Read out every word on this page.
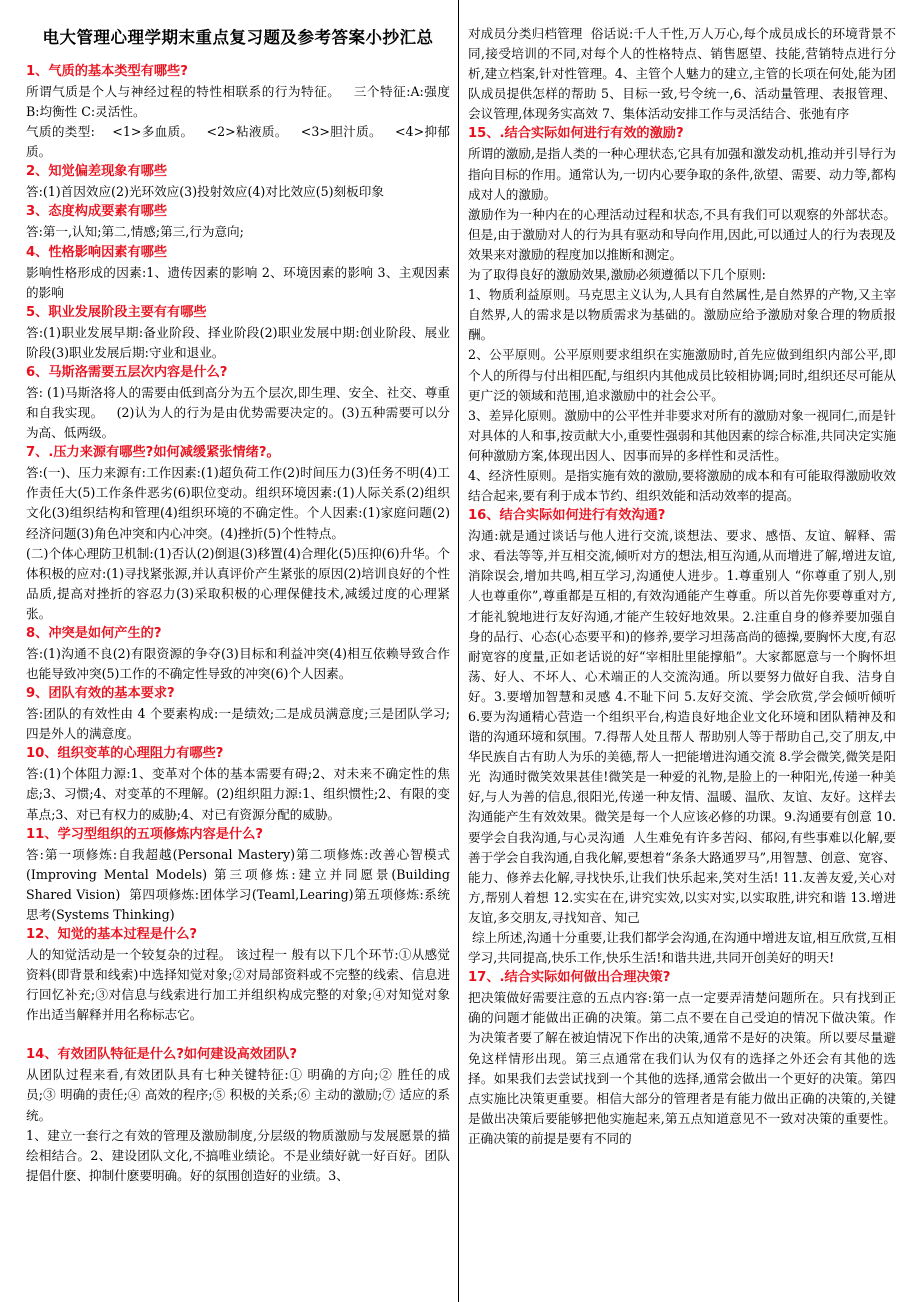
电大管理心理学期末重点复习题及参考答案小抄汇总
1、气质的基本类型有哪些?
所谓气质是个人与神经过程的特性相联系的行为特征。   三个特征:A:强度 B:均衡性 C:灵活性。
气质的类型:    <1>多血质。   <2>粘液质。   <3>胆汁质。   <4>抑郁质。
2、知觉偏差现象有哪些
答:(1)首因效应(2)光环效应(3)投射效应(4)对比效应(5)刻板印象
3、态度构成要素有哪些
答:第一,认知;第二,情感;第三,行为意向;
4、性格影响因素有哪些
影响性格形成的因素:1、遗传因素的影响 2、环境因素的影响 3、主观因素的影响
5、职业发展阶段主要有有哪些
答:(1)职业发展早期:备业阶段、择业阶段(2)职业发展中期:创业阶段、展业阶段(3)职业发展后期:守业和退业。
6、马斯洛需要五层次内容是什么?
答: (1)马斯洛将人的需要由低到高分为五个层次,即生理、安全、社交、尊重和自我实现。   (2)认为人的行为是由优势需要决定的。(3)五种需要可以分为高、低两级。
7、.压力来源有哪些?如何减缓紧张情绪?。
答:(一)、压力来源有:工作因素:(1)超负荷工作(2)时间压力(3)任务不明(4)工作责任大(5)工作条件恶劣(6)职位变动。组织环境因素:(1)人际关系(2)组织文化(3)组织结构和管理(4)组织环境的不确定性。个人因素:(1)家庭问题(2)经济问题(3)角色冲突和内心冲突。(4)挫折(5)个性特点。
(二)个体心理防卫机制:(1)否认(2)倒退(3)移置(4)合理化(5)压抑(6)升华。个体积极的应对:(1)寻找紧张源,并认真评价产生紧张的原因(2)培训良好的个性品质,提高对挫折的容忍力(3)采取积极的心理保健技术,减缓过度的心理紧张。
8、冲突是如何产生的?
答:(1)沟通不良(2)有限资源的争夺(3)目标和利益冲突(4)相互依赖导致合作也能导致冲突(5)工作的不确定性导致的冲突(6)个人因素。
9、团队有效的基本要求?
答:团队的有效性由 4 个要素构成:一是绩效;二是成员满意度;三是团队学习;四是外人的满意度。
10、组织变革的心理阻力有哪些?
答:(1)个体阻力源:1、变革对个体的基本需要有碍;2、对未来不确定性的焦虑;3、习惯;4、对变革的不理解。(2)组织阻力源:1、组织惯性;2、有限的变革点;3、对已有权力的威胁;4、对已有资源分配的威胁。
11、学习型组织的五项修炼内容是什么?
答:第一项修炼:自我超越(Personal Mastery)第二项修炼:改善心智模式 (Improving Mental Models) 第三项修炼:建立并同愿景(Building Shared Vision)  第四项修炼:团体学习(Teaml,Learing)第五项修炼:系统思考(Systems Thinking)
12、知觉的基本过程是什么?
人的知觉活动是一个较复杂的过程。 该过程一 般有以下几个环节:①从感觉资料(即背景和线索)中选择知觉对象;②对局部资料或不完整的线索、信息进行回忆补充;③对信息与线索进行加工并组织构成完整的对象;④对知觉对象作出适当解释并用名称标志它。
14、有效团队特征是什么?如何建设高效团队?
从团队过程来看,有效团队具有七种关键特征:① 明确的方向;② 胜任的成员;③ 明确的责任;④ 高效的程序;⑤ 积极的关系;⑥ 主动的激励;⑦ 适应的系统。
1、建立一套行之有效的管理及激励制度,分层级的物质激励与发展愿景的描绘相结合。2、建设团队文化,不搞唯业绩论。不是业绩好就一好百好。团队提倡什麽、抑制什麽要明确。好的氛围创造好的业绩。3、
对成员分类归档管理  俗话说:千人千性,万人万心,每个成员成长的环境背景不同,接受培训的不同,对每个人的性格特点、销售愿望、技能,营销特点进行分析,建立档案,针对性管理。4、主管个人魅力的建立,主管的长项在何处,能为团队成员提供怎样的帮助 5、目标一致,号令统一,6、活动量管理、表报管理、会议管理,体现务实高效 7、集体活动安排工作与灵活结合、张弛有序
15、.结合实际如何进行有效的激励?
所谓的激励,是指人类的一种心理状态,它具有加强和激发动机,推动并引导行为指向目标的作用。通常认为,一切内心要争取的条件,欲望、需要、动力等,都构成对人的激励。
激励作为一种内在的心理活动过程和状态,不具有我们可以观察的外部状态。但是,由于激励对人的行为具有驱动和导向作用,因此,可以通过人的行为表现及效果来对激励的程度加以推断和测定。
为了取得良好的激励效果,激励必须遵循以下几个原则:
1、物质利益原则。马克思主义认为,人具有自然属性,是自然界的产物,又主宰自然界,人的需求是以物质需求为基础的。激励应给予激励对象合理的物质报酬。
2、公平原则。公平原则要求组织在实施激励时,首先应做到组织内部公平,即个人的所得与付出相匹配,与组织内其他成员比较相协调;同时,组织还尽可能从更广泛的领域和范围,追求激励中的社会公平。
3、差异化原则。激励中的公平性并非要求对所有的激励对象一视同仁,而是针对具体的人和事,按贡献大小,重要性强弱和其他因素的综合标准,共同决定实施何种激励方案,体现出因人、因事而异的多样性和灵活性。
4、经济性原则。是指实施有效的激励,要将激励的成本和有可能取得激励收效结合起来,要有利于成本节约、组织效能和活动效率的提高。
16、结合实际如何进行有效沟通?
沟通:就是通过谈话与他人进行交流,谈想法、要求、感悟、友谊、解释、需求、看法等等,并互相交流,倾听对方的想法,相互沟通,从而增进了解,增进友谊,消除误会,增加共鸣,相互学习,沟通使人进步。1.尊重别人 “你尊重了别人,别人也尊重你”,尊重都是互相的,有效沟通能产生尊重。所以首先你要尊重对方,才能礼貌地进行友好沟通,才能产生较好地效果。2.注重自身的修养要加强自身的品行、心态(心态要平和)的修养,要学习坦荡高尚的德操,要胸怀大度,有忍耐宽容的度量,正如老话说的好“宰相肚里能撑船”。大家都愿意与一个胸怀坦荡、好人、不坏人、心术端正的人交流沟通。所以要努力做好自我、洁身自好。3.要增加智慧和灵感 4.不耻下问 5.友好交流、学会欣赏,学会倾听倾听 6.要为沟通精心营造一个组织平台,构造良好地企业文化环境和团队精神及和谐的沟通环境和氛围。7.得帮人处且帮人 帮助别人等于帮助自己,交了朋友,中华民族自古有助人为乐的美德,帮人一把能增进沟通交流 8.学会微笑,微笑是阳光  沟通时微笑效果甚佳!微笑是一种爱的礼物,是脸上的一种阳光,传递一种美好,与人为善的信息,很阳光,传递一种友情、温暖、温欣、友谊、友好。这样去沟通能产生有效效果。微笑是每一个人应该必修的功课。9.沟通要有创意 10.要学会自我沟通,与心灵沟通  人生难免有许多苦闷、郁闷,有些事难以化解,要善于学会自我沟通,自我化解,要想着“条条大路通罗马”,用智慧、创意、宽容、能力、修养去化解,寻找快乐,让我们快乐起来,笑对生活! 11.友善友爱,关心对方,帮别人着想 12.实实在在,讲究实效,以实对实,以实取胜,讲究和谐 13.增进友谊,多交朋友,寻找知音、知己
综上所述,沟通十分重要,让我们都学会沟通,在沟通中增进友谊,相互欣赏,互相学习,共同提高,快乐工作,快乐生活!和谐共进,共同开创美好的明天!
17、.结合实际如何做出合理决策?
把决策做好需要注意的五点内容:第一点一定要弄清楚问题所在。只有找到正确的问题才能做出正确的决策。第二点不要在自己受迫的情况下做决策。作为决策者要了解在被迫情况下作出的决策,通常不是好的决策。所以要尽量避免这样情形出现。第三点通常在我们认为仅有的选择之外还会有其他的选择。如果我们去尝试找到一个其他的选择,通常会做出一个更好的决策。第四点实施比决策更重要。相信大部分的管理者是有能力做出正确的决策的,关键是做出决策后要能够把他实施起来,第五点知道意见不一致对决策的重要性。正确决策的前提是要有不同的
